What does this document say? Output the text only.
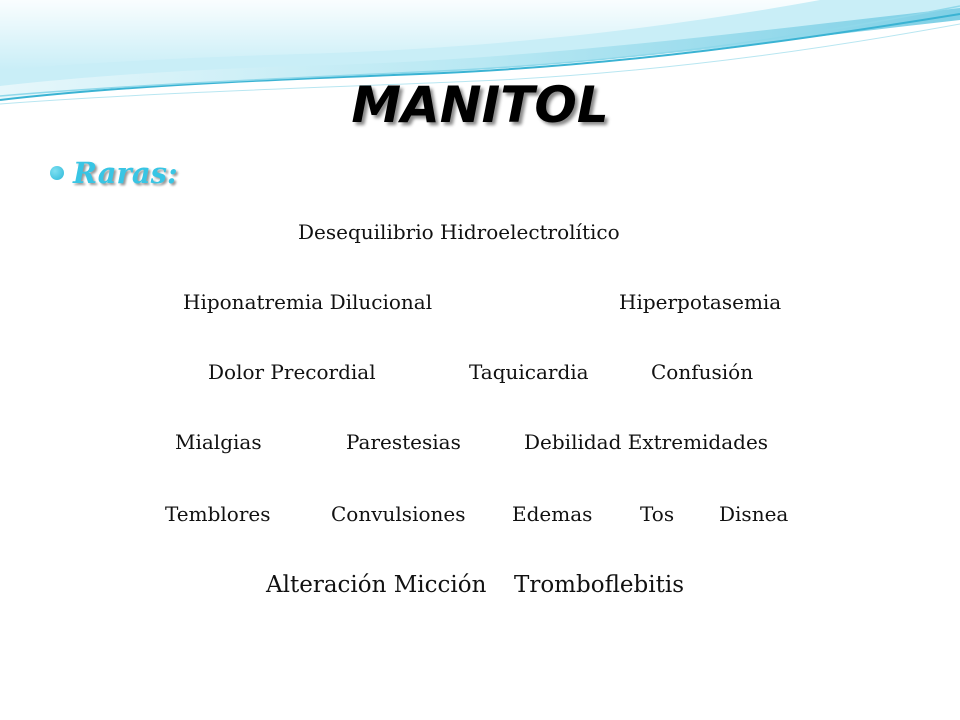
MANITOL
Raras:
Desequilibrio Hidroelectrolítico
Hiponatremia Dilucional	Hiperpotasemia
Dolor Precordial	Taquicardia	Confusión
Mialgias	Parestesias	Debilidad Extremidades
Temblores	Convulsiones Edemas Tos Disnea
Alteración Micción Tromboflebitis
